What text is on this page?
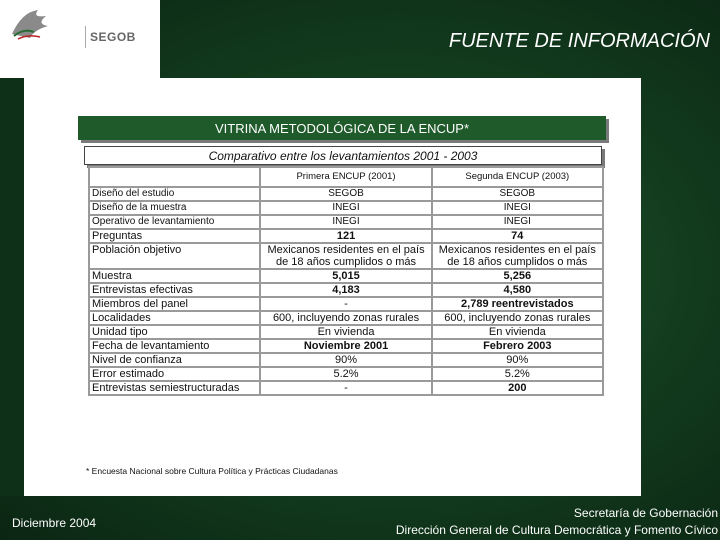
SEGOB	FUENTE DE INFORMACIÓN
VITRINA METODOLÓGICA DE LA ENCUP*
Comparativo entre los levantamientos 2001 - 2003
	Primera ENCUP (2001)	Segunda ENCUP (2003)
Diseño del estudio	SEGOB	SEGOB
Diseño de la muestra	INEGI	INEGI
Operativo de levantamiento	INEGI	INEGI
Preguntas	121	74
Población objetivo	Mexicanos residentes en el país de 18 años cumplidos o más	Mexicanos residentes en el país de 18 años cumplidos o más
Muestra	5,015	5,256
Entrevistas efectivas	4,183	4,580
Miembros del panel	-	2,789 reentrevistados
Localidades	600, incluyendo zonas rurales	600, incluyendo zonas rurales
Unidad tipo	En vivienda	En vivienda
Fecha de levantamiento	Noviembre 2001	Febrero 2003
Nivel de confianza	90%	90%
Error estimado	5.2%	5.2%
Entrevistas semiestructuradas	-	200
* Encuesta Nacional sobre Cultura Política y Prácticas Ciudadanas
Diciembre 2004
Secretaría de Gobernación
Dirección General de Cultura Democrática y Fomento Cívico
